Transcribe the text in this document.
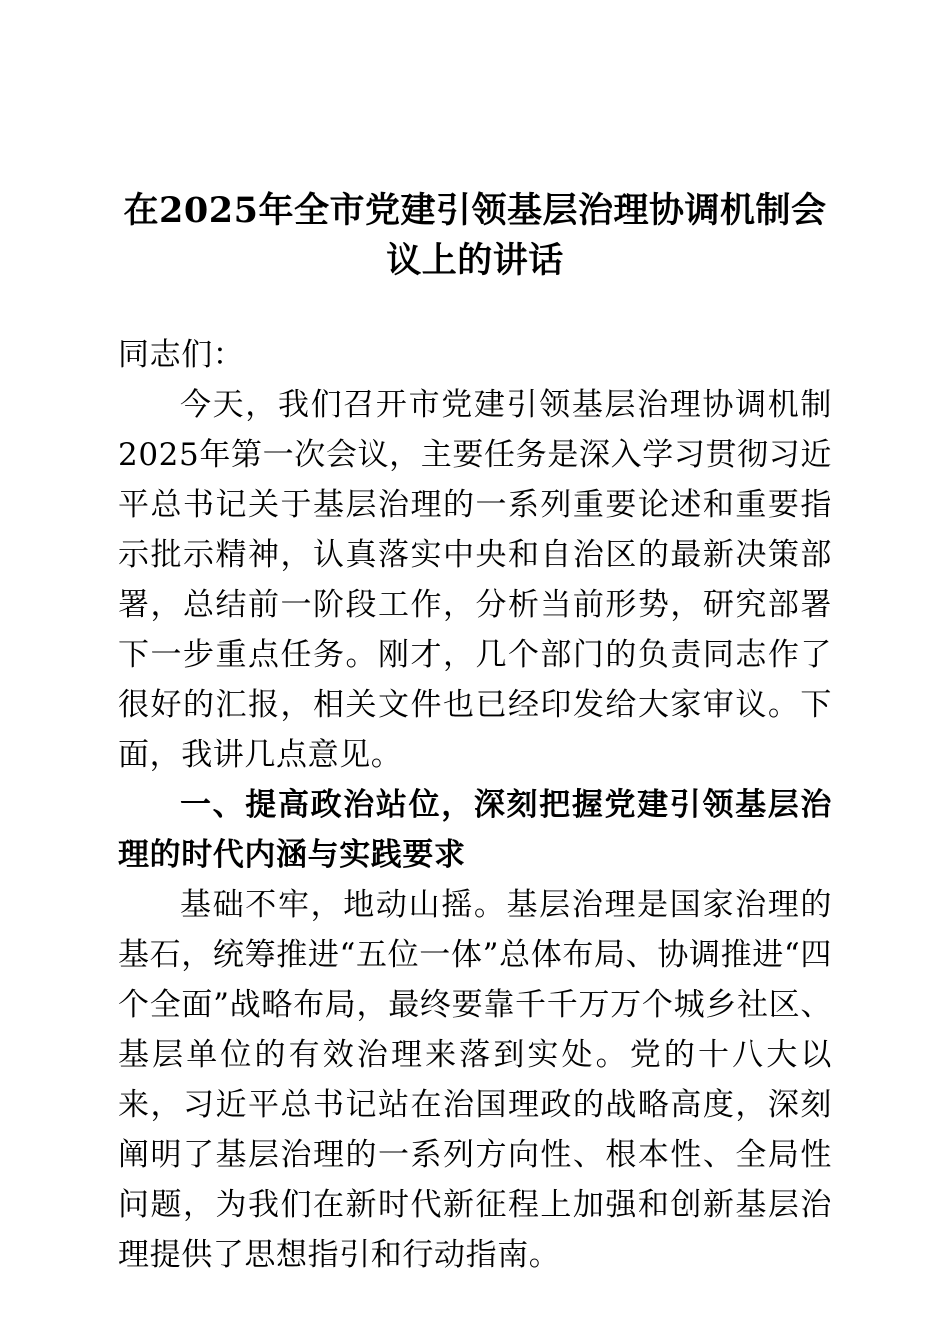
在2025年全市党建引领基层治理协调机制会议上的讲话

同志们：

今天，我们召开市党建引领基层治理协调机制2025年第一次会议，主要任务是深入学习贯彻习近平总书记关于基层治理的一系列重要论述和重要指示批示精神，认真落实中央和自治区的最新决策部署，总结前一阶段工作，分析当前形势，研究部署下一步重点任务。刚才，几个部门的负责同志作了很好的汇报，相关文件也已经印发给大家审议。下面，我讲几点意见。

一、提高政治站位，深刻把握党建引领基层治理的时代内涵与实践要求

基础不牢，地动山摇。基层治理是国家治理的基石，统筹推进“五位一体”总体布局、协调推进“四个全面”战略布局，最终要靠千千万万个城乡社区、基层单位的有效治理来落到实处。党的十八大以来，习近平总书记站在治国理政的战略高度，深刻阐明了基层治理的一系列方向性、根本性、全局性问题，为我们在新时代新征程上加强和创新基层治理提供了思想指引和行动指南。
